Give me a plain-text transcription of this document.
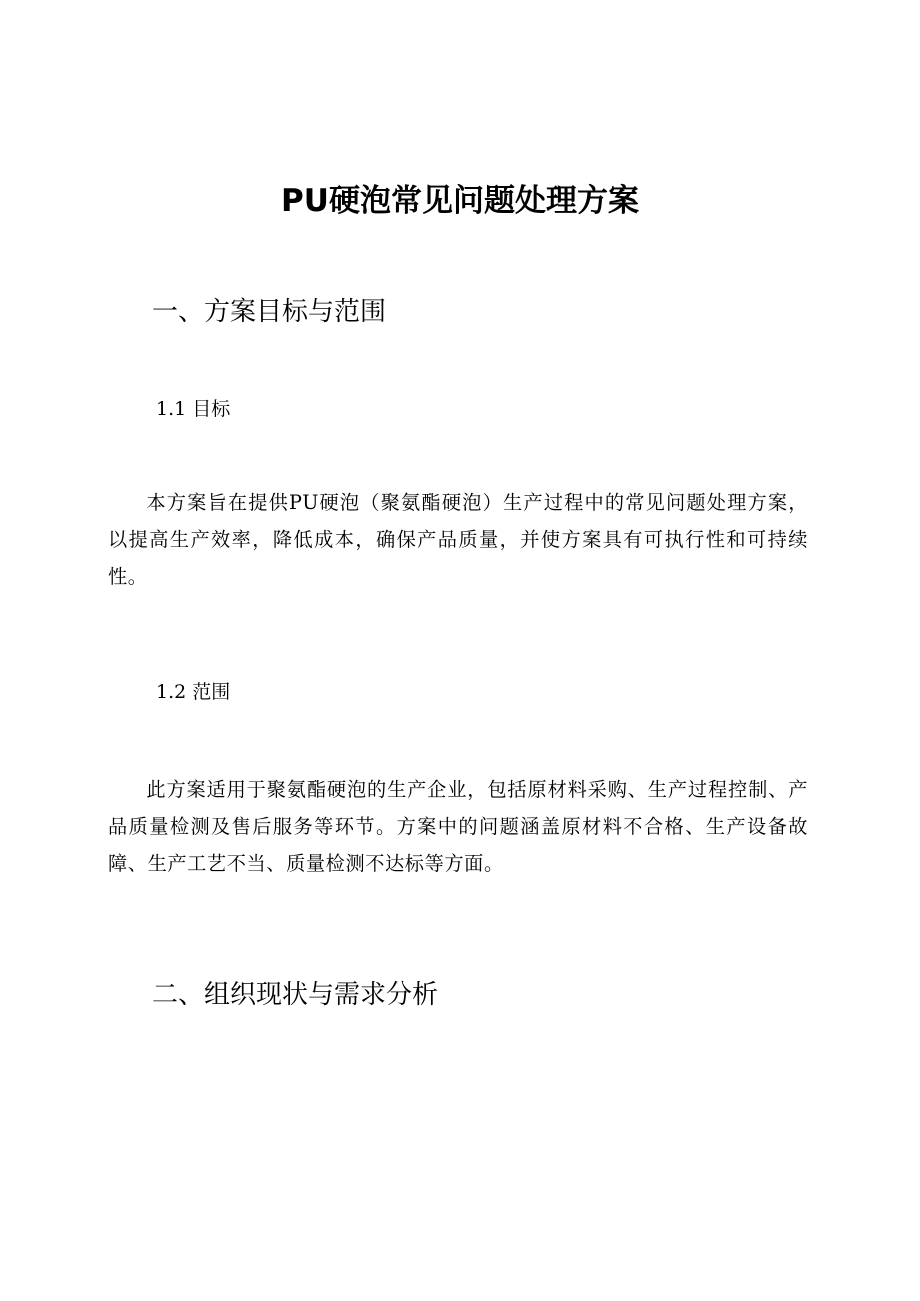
PU硬泡常见问题处理方案
一、方案目标与范围
1.1 目标

本方案旨在提供PU硬泡（聚氨酯硬泡）生产过程中的常见问题处理方案，以提高生产效率，降低成本，确保产品质量，并使方案具有可执行性和可持续性。

1.2 范围

此方案适用于聚氨酯硬泡的生产企业，包括原材料采购、生产过程控制、产品质量检测及售后服务等环节。方案中的问题涵盖原材料不合格、生产设备故障、生产工艺不当、质量检测不达标等方面。

二、组织现状与需求分析
